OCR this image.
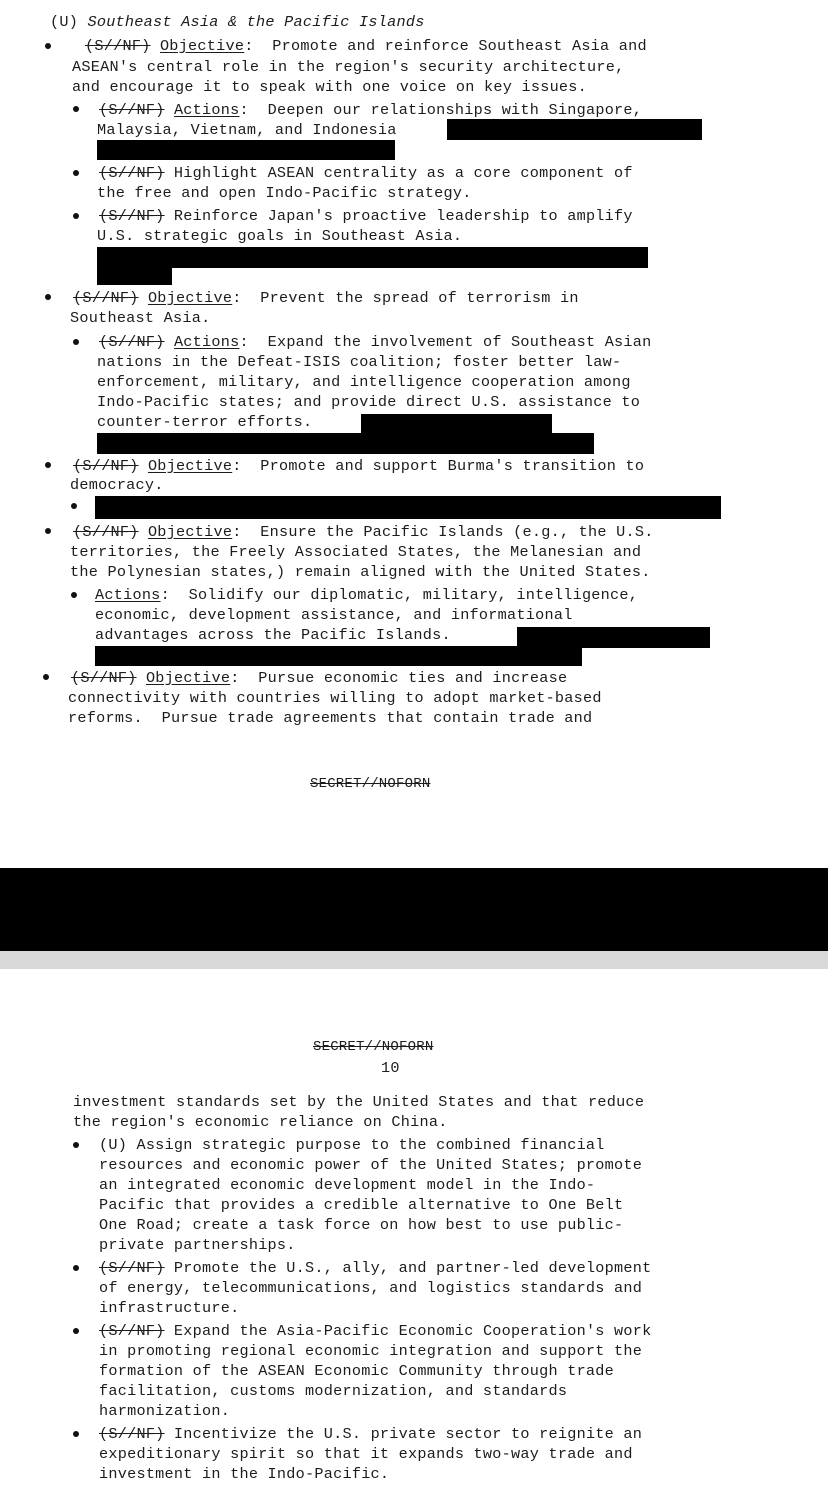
(U) Southeast Asia & the Pacific Islands
(S//NF) Objective:  Promote and reinforce Southeast Asia and
ASEAN's central role in the region's security architecture,
and encourage it to speak with one voice on key issues.
(S//NF) Actions:  Deepen our relationships with Singapore,
Malaysia, Vietnam, and Indonesia
(S//NF) Highlight ASEAN centrality as a core component of
the free and open Indo-Pacific strategy.
(S//NF) Reinforce Japan's proactive leadership to amplify
U.S. strategic goals in Southeast Asia.
(S//NF) Objective:  Prevent the spread of terrorism in
Southeast Asia.
(S//NF) Actions:  Expand the involvement of Southeast Asian
nations in the Defeat-ISIS coalition; foster better law-
enforcement, military, and intelligence cooperation among
Indo-Pacific states; and provide direct U.S. assistance to
counter-terror efforts.
(S//NF) Objective:  Promote and support Burma's transition to
democracy.
(S//NF) Objective:  Ensure the Pacific Islands (e.g., the U.S.
territories, the Freely Associated States, the Melanesian and
the Polynesian states,) remain aligned with the United States.
Actions:  Solidify our diplomatic, military, intelligence,
economic, development assistance, and informational
advantages across the Pacific Islands.
(S//NF) Objective:  Pursue economic ties and increase
connectivity with countries willing to adopt market-based
reforms.  Pursue trade agreements that contain trade and
SECRET//NOFORN
SECRET//NOFORN
10
investment standards set by the United States and that reduce
the region's economic reliance on China.
(U) Assign strategic purpose to the combined financial
resources and economic power of the United States; promote
an integrated economic development model in the Indo-
Pacific that provides a credible alternative to One Belt
One Road; create a task force on how best to use public-
private partnerships.
(S//NF) Promote the U.S., ally, and partner-led development
of energy, telecommunications, and logistics standards and
infrastructure.
(S//NF) Expand the Asia-Pacific Economic Cooperation's work
in promoting regional economic integration and support the
formation of the ASEAN Economic Community through trade
facilitation, customs modernization, and standards
harmonization.
(S//NF) Incentivize the U.S. private sector to reignite an
expeditionary spirit so that it expands two-way trade and
investment in the Indo-Pacific.
